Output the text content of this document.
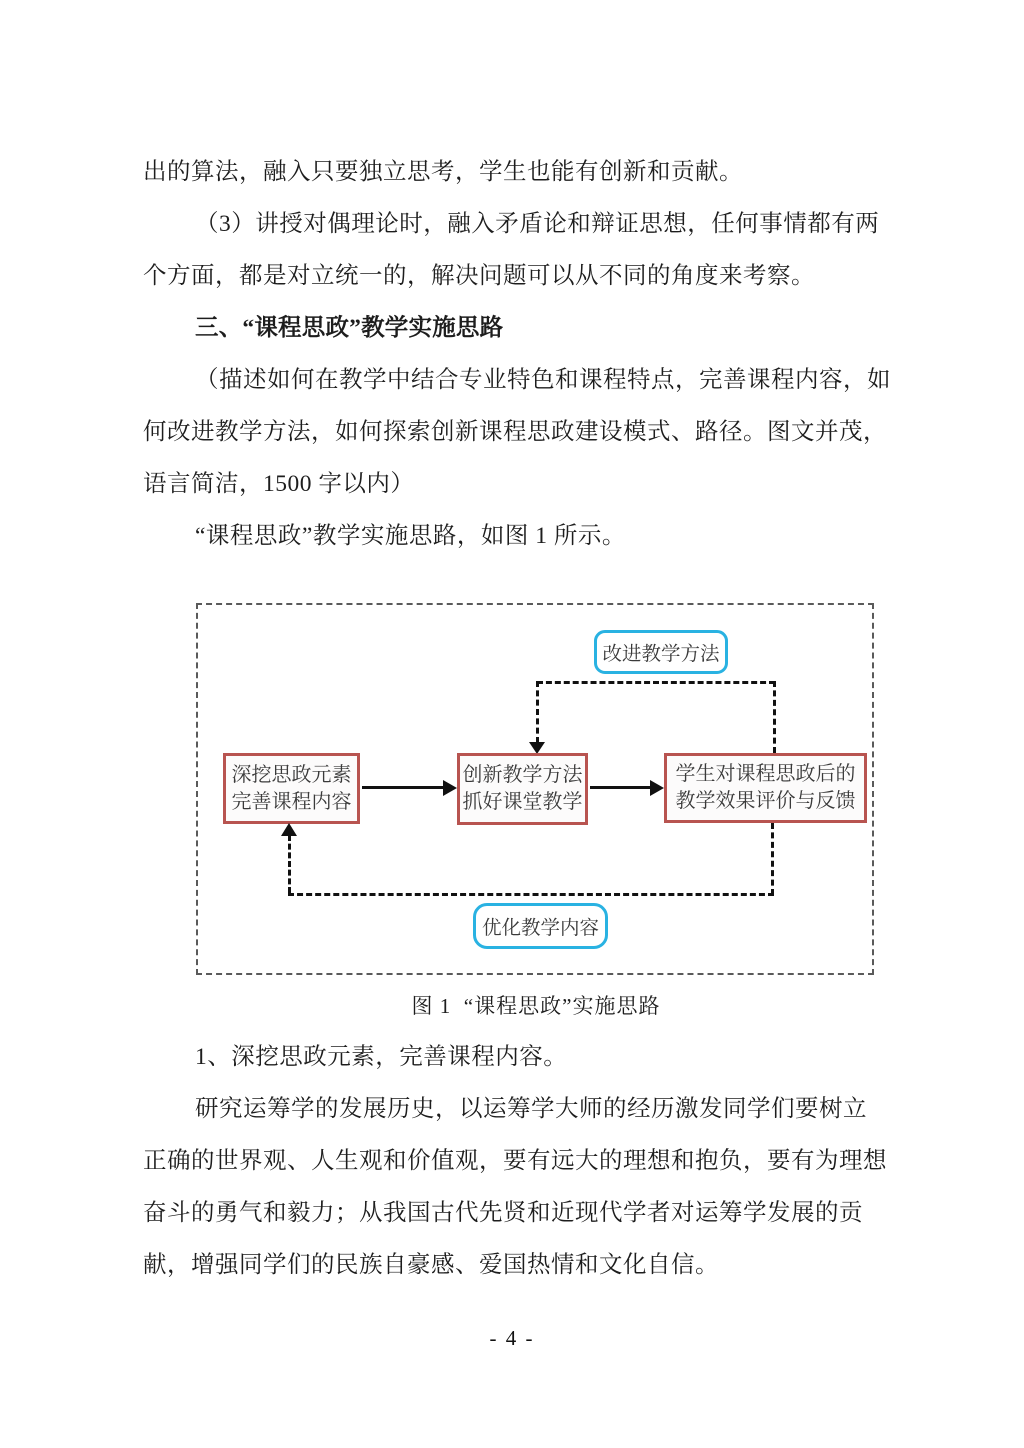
出的算法，融入只要独立思考，学生也能有创新和贡献。
（3）讲授对偶理论时，融入矛盾论和辩证思想，任何事情都有两
个方面，都是对立统一的，解决问题可以从不同的角度来考察。
三、“课程思政”教学实施思路
（描述如何在教学中结合专业特色和课程特点，完善课程内容，如
何改进教学方法，如何探索创新课程思政建设模式、路径。图文并茂，
语言简洁，1500 字以内）
“课程思政”教学实施思路，如图 1 所示。
改进教学方法
深挖思政元素
完善课程内容
创新教学方法
抓好课堂教学
学生对课程思政后的
教学效果评价与反馈
优化教学内容
图 1  “课程思政”实施思路
1、深挖思政元素，完善课程内容。
研究运筹学的发展历史，以运筹学大师的经历激发同学们要树立
正确的世界观、人生观和价值观，要有远大的理想和抱负，要有为理想
奋斗的勇气和毅力；从我国古代先贤和近现代学者对运筹学发展的贡
献，增强同学们的民族自豪感、爱国热情和文化自信。
- 4 -
